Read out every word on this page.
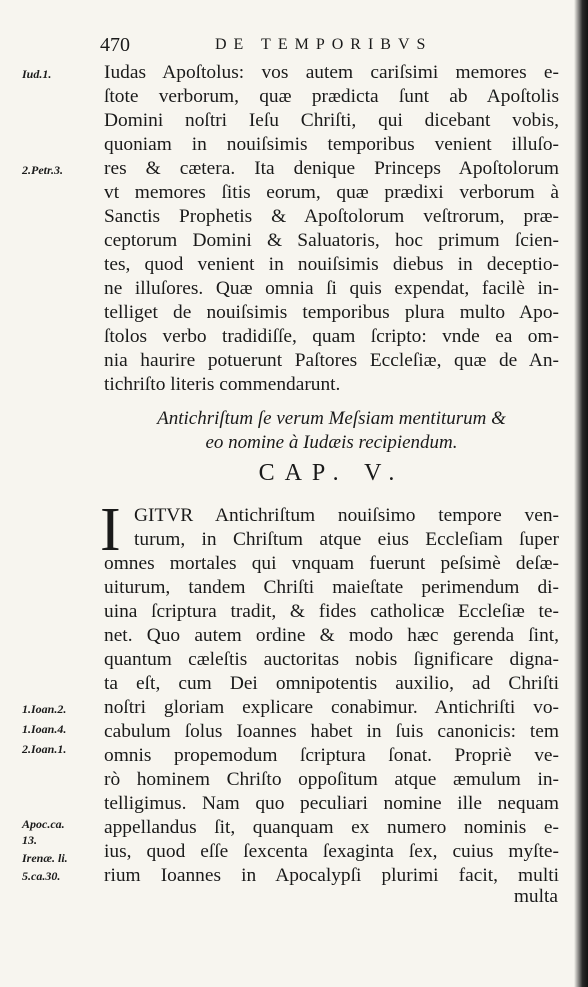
470	DE TEMPORIBVS
Iudas Apoſtolus: vos autem cariſsimi memores e-
ſtote verborum, quæ prædicta ſunt ab Apoſtolis
Domini noſtri Ieſu Chriſti, qui dicebant vobis,
quoniam in nouiſsimis temporibus venient illuſo-
res & cætera. Ita denique Princeps Apoſtolorum
vt memores ſitis eorum, quæ prædixi verborum à
Sanctis Prophetis & Apoſtolorum veſtrorum, præ-
ceptorum Domini & Saluatoris, hoc primum ſcien-
tes, quod venient in nouiſsimis diebus in deceptio-
ne illuſores. Quæ omnia ſi quis expendat, facilè in-
telliget de nouiſsimis temporibus plura multo Apo-
ſtolos verbo tradidiſſe, quam ſcripto: vnde ea om-
nia haurire potuerunt Paſtores Eccleſiæ, quæ de An-
tichriſto literis commendarunt.
Antichriſtum ſe verum Meſsiam mentiturum &
eo nomine à Iudæis recipiendum.
CAP. V.
I GITVR Antichriſtum nouiſsimo tempore ven-
turum, in Chriſtum atque eius Eccleſiam ſuper
omnes mortales qui vnquam fuerunt peſsimè deſæ-
uiturum, tandem Chriſti maieſtate perimendum di-
uina ſcriptura tradit, & fides catholicæ Eccleſiæ te-
net. Quo autem ordine & modo hæc gerenda ſint,
quantum cæleſtis auctoritas nobis ſignificare digna-
ta eſt, cum Dei omnipotentis auxilio, ad Chriſti
noſtri gloriam explicare conabimur. Antichriſti vo-
cabulum ſolus Ioannes habet in ſuis canonicis: tem
omnis propemodum ſcriptura ſonat. Propriè ve-
rò hominem Chriſto oppoſitum atque æmulum in-
telligimus. Nam quo peculiari nomine ille nequam
appellandus ſit, quanquam ex numero nominis e-
ius, quod eſſe ſexcenta ſexaginta ſex, cuius myſte-
rium Ioannes in Apocalypſi plurimi facit, multi
multa
Iud.1.
2.Petr.3.
1.Ioan.2.
1.Ioan.4.
2.Ioan.1.
Apoc.ca.
13.
Irenæ. li.
5.ca.30.
